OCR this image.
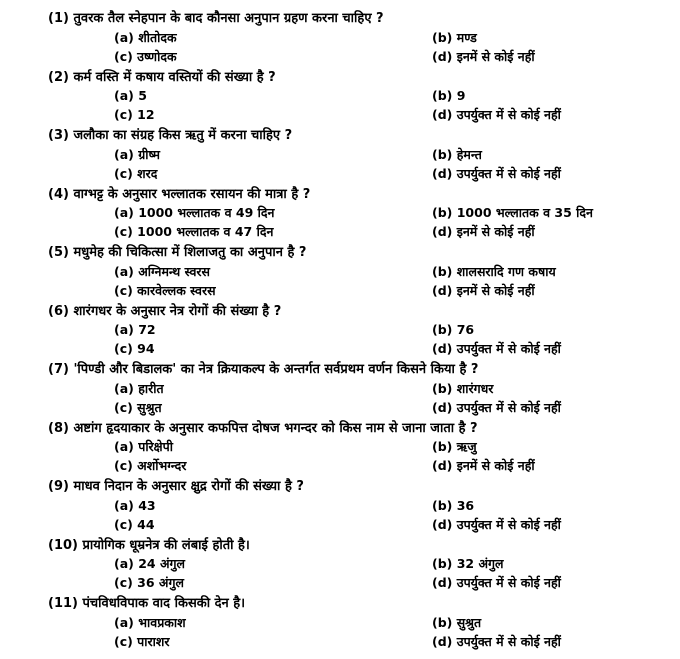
(1) तुवरक तैल स्नेहपान के बाद कौनसा अनुपान ग्रहण करना चाहिए ?
(a) शीतोदक	(b) मण्ड
(c) उष्णोदक	(d) इनमें से कोई नहीं
(2) कर्म वस्ति में कषाय वस्तियों की संख्या है ?
(a) 5	(b) 9
(c) 12	(d) उपर्युक्त में से कोई नहीं
(3) जलौका का संग्रह किस ऋतु में करना चाहिए ?
(a) ग्रीष्म	(b) हेमन्त
(c) शरद	(d) उपर्युक्त में से कोई नहीं
(4) वाग्भट्ट के अनुसार भल्लातक रसायन की मात्रा है ?
(a) 1000 भल्लातक व 49 दिन	(b) 1000 भल्लातक व 35 दिन
(c) 1000 भल्लातक व 47 दिन	(d) इनमें से कोई नहीं
(5) मधुमेह की चिकित्सा में शिलाजतु का अनुपान है ?
(a) अग्निमन्थ स्वरस	(b) शालसरादि गण कषाय
(c) कारवेल्लक स्वरस	(d) इनमें से कोई नहीं
(6) शारंगधर के अनुसार नेत्र रोगों की संख्या है ?
(a) 72	(b) 76
(c) 94	(d) उपर्युक्त में से कोई नहीं
(7) 'पिण्डी और बिडालक' का नेत्र क्रियाकल्प के अन्तर्गत सर्वप्रथम वर्णन किसने किया है ?
(a) हारीत	(b) शारंगधर
(c) सुश्रुत	(d) उपर्युक्त में से कोई नहीं
(8) अष्टांग हृदयाकार के अनुसार कफपित्त दोषज भगन्दर को किस नाम से जाना जाता है ?
(a) परिक्षेपी	(b) ऋजु
(c) अर्शोभग्न्दर	(d) इनमें से कोई नहीं
(9) माधव निदान के अनुसार क्षुद्र रोगों की संख्या है ?
(a) 43	(b) 36
(c) 44	(d) उपर्युक्त में से कोई नहीं
(10) प्रायोगिक धूम्रनेत्र की लंबाई होती है।
(a) 24 अंगुल	(b) 32 अंगुल
(c) 36 अंगुल	(d) उपर्युक्त में से कोई नहीं
(11) पंचविधविपाक वाद किसकी देन है।
(a) भावप्रकाश	(b) सुश्रुत
(c) पाराशर	(d) उपर्युक्त में से कोई नहीं
